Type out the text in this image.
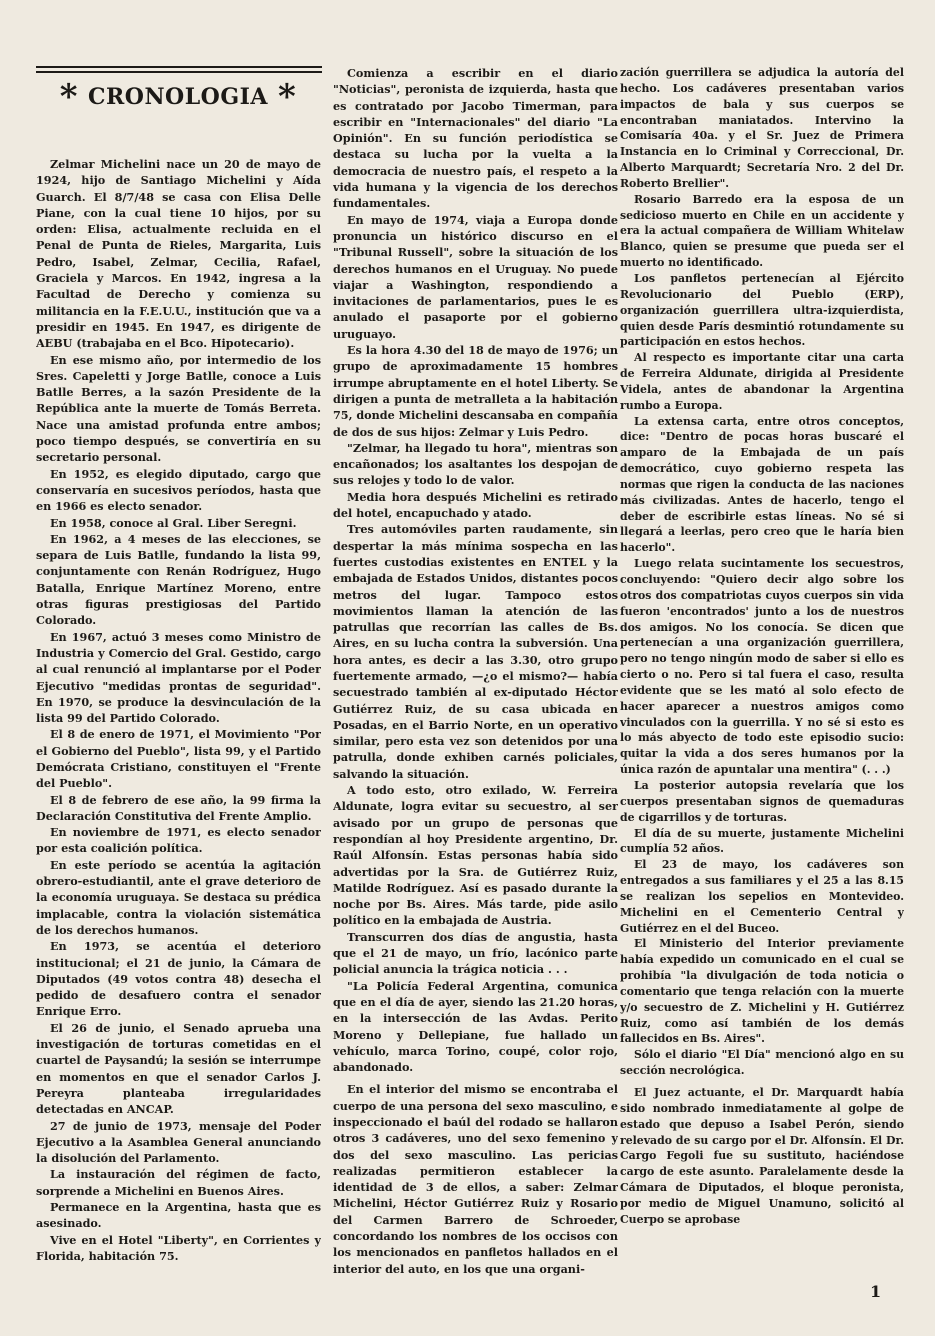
* CRONOLOGIA *

Zelmar Michelini nace un 20 de mayo de 1924, hijo de Santiago Michelini y Aída Guarch. El 8/7/48 se casa con Elisa Delle Piane, con la cual tiene 10 hijos, por su orden: Elisa, actualmente recluida en el Penal de Punta de Rieles, Margarita, Luis Pedro, Isabel, Zelmar, Cecilia, Rafael, Graciela y Marcos. En 1942, ingresa a la Facultad de Derecho y comienza su militancia en la F.E.U.U., institución que va a presidir en 1945. En 1947, es dirigente de AEBU (trabajaba en el Bco. Hipotecario).

En ese mismo año, por intermedio de los Sres. Capeletti y Jorge Batlle, conoce a Luis Batlle Berres, a la sazón Presidente de la República ante la muerte de Tomás Berreta. Nace una amistad profunda entre ambos; poco tiempo después, se convertiría en su secretario personal.

En 1952, es elegido diputado, cargo que conservaría en sucesivos períodos, hasta que en 1966 es electo senador.

En 1958, conoce al Gral. Liber Seregni.

En 1962, a 4 meses de las elecciones, se separa de Luis Batlle, fundando la lista 99, conjuntamente con Renán Rodríguez, Hugo Batalla, Enrique Martínez Moreno, entre otras figuras prestigiosas del Partido Colorado.

En 1967, actuó 3 meses como Ministro de Industria y Comercio del Gral. Gestido, cargo al cual renunció al implantarse por el Poder Ejecutivo "medidas prontas de seguridad". En 1970, se produce la desvinculación de la lista 99 del Partido Colorado.

El 8 de enero de 1971, el Movimiento "Por el Gobierno del Pueblo", lista 99, y el Partido Demócrata Cristiano, constituyen el "Frente del Pueblo".

El 8 de febrero de ese año, la 99 firma la Declaración Constitutiva del Frente Amplio.

En noviembre de 1971, es electo senador por esta coalición política.

En este período se acentúa la agitación obrero-estudiantil, ante el grave deterioro de la economía uruguaya. Se destaca su prédica implacable, contra la violación sistemática de los derechos humanos.

En 1973, se acentúa el deterioro institucional; el 21 de junio, la Cámara de Diputados (49 votos contra 48) desecha el pedido de desafuero contra el senador Enrique Erro.

El 26 de junio, el Senado aprueba una investigación de torturas cometidas en el cuartel de Paysandú; la sesión se interrumpe en momentos en que el senador Carlos J. Pereyra planteaba irregularidades detectadas en ANCAP.

27 de junio de 1973, mensaje del Poder Ejecutivo a la Asamblea General anunciando la disolución del Parlamento.

La instauración del régimen de facto, sorprende a Michelini en Buenos Aires.

Permanece en la Argentina, hasta que es asesinado.

Vive en el Hotel "Liberty", en Corrientes y Florida, habitación 75.

Comienza a escribir en el diario "Noticias", peronista de izquierda, hasta que es contratado por Jacobo Timerman, para escribir en "Internacionales" del diario "La Opinión". En su función periodística se destaca su lucha por la vuelta a la democracia de nuestro país, el respeto a la vida humana y la vigencia de los derechos fundamentales.

En mayo de 1974, viaja a Europa donde pronuncia un histórico discurso en el "Tribunal Russell", sobre la situación de los derechos humanos en el Uruguay. No puede viajar a Washington, respondiendo a invitaciones de parlamentarios, pues le es anulado el pasaporte por el gobierno uruguayo.

Es la hora 4.30 del 18 de mayo de 1976; un grupo de aproximadamente 15 hombres irrumpe abruptamente en el hotel Liberty. Se dirigen a punta de metralleta a la habitación 75, donde Michelini descansaba en compañía de dos de sus hijos: Zelmar y Luis Pedro.

"Zelmar, ha llegado tu hora", mientras son encañonados; los asaltantes los despojan de sus relojes y todo lo de valor.

Media hora después Michelini es retirado del hotel, encapuchado y atado.

Tres automóviles parten raudamente, sin despertar la más mínima sospecha en las fuertes custodias existentes en ENTEL y la embajada de Estados Unidos, distantes pocos metros del lugar. Tampoco estos movimientos llaman la atención de las patrullas que recorrían las calles de Bs. Aires, en su lucha contra la subversión. Una hora antes, es decir a las 3.30, otro grupo fuertemente armado, —¿o el mismo?— había secuestrado también al ex-diputado Héctor Gutiérrez Ruiz, de su casa ubicada en Posadas, en el Barrio Norte, en un operativo similar, pero esta vez son detenidos por una patrulla, donde exhiben carnés policiales, salvando la situación.

A todo esto, otro exilado, W. Ferreira Aldunate, logra evitar su secuestro, al ser avisado por un grupo de personas que respondían al hoy Presidente argentino, Dr. Raúl Alfonsín. Estas personas había sido advertidas por la Sra. de Gutiérrez Ruiz, Matilde Rodríguez. Así es pasado durante la noche por Bs. Aires. Más tarde, pide asilo político en la embajada de Austria.

Transcurren dos días de angustia, hasta que el 21 de mayo, un frío, lacónico parte policial anuncia la trágica noticia . . .

"La Policía Federal Argentina, comunica que en el día de ayer, siendo las 21.20 horas, en la intersección de las Avdas. Perito Moreno y Dellepiane, fue hallado un vehículo, marca Torino, coupé, color rojo, abandonado.

En el interior del mismo se encontraba el cuerpo de una persona del sexo masculino, e inspeccionado el baúl del rodado se hallaron otros 3 cadáveres, uno del sexo femenino y dos del sexo masculino. Las pericias realizadas permitieron establecer la identidad de 3 de ellos, a saber: Zelmar Michelini, Héctor Gutiérrez Ruiz y Rosario del Carmen Barrero de Schroeder, concordando los nombres de los occisos con los mencionados en panfletos hallados en el interior del auto, en los que una organi-

zación guerrillera se adjudica la autoría del hecho. Los cadáveres presentaban varios impactos de bala y sus cuerpos se encontraban maniatados. Intervino la Comisaría 40a. y el Sr. Juez de Primera Instancia en lo Criminal y Correccional, Dr. Alberto Marquardt; Secretaría Nro. 2 del Dr. Roberto Brellier".

Rosario Barredo era la esposa de un sedicioso muerto en Chile en un accidente y era la actual compañera de William Whitelaw Blanco, quien se presume que pueda ser el muerto no identificado.

Los panfletos pertenecían al Ejército Revolucionario del Pueblo (ERP), organización guerrillera ultra-izquierdista, quien desde París desmintió rotundamente su participación en estos hechos.

Al respecto es importante citar una carta de Ferreira Aldunate, dirigida al Presidente Videla, antes de abandonar la Argentina rumbo a Europa.

La extensa carta, entre otros conceptos, dice: "Dentro de pocas horas buscaré el amparo de la Embajada de un país democrático, cuyo gobierno respeta las normas que rigen la conducta de las naciones más civilizadas. Antes de hacerlo, tengo el deber de escribirle estas líneas. No sé si llegará a leerlas, pero creo que le haría bien hacerlo".

Luego relata sucintamente los secuestros, concluyendo: "Quiero decir algo sobre los otros dos compatriotas cuyos cuerpos sin vida fueron 'encontrados' junto a los de nuestros dos amigos. No los conocía. Se dicen que pertenecían a una organización guerrillera, pero no tengo ningún modo de saber si ello es cierto o no. Pero si tal fuera el caso, resulta evidente que se les mató al solo efecto de hacer aparecer a nuestros amigos como vinculados con la guerrilla. Y no sé si esto es lo más abyecto de todo este episodio sucio: quitar la vida a dos seres humanos por la única razón de apuntalar una mentira" (. . .)

La posterior autopsia revelaría que los cuerpos presentaban signos de quemaduras de cigarrillos y de torturas.

El día de su muerte, justamente Michelini cumplía 52 años.

El 23 de mayo, los cadáveres son entregados a sus familiares y el 25 a las 8.15 se realizan los sepelios en Montevideo. Michelini en el Cementerio Central y Gutiérrez en el del Buceo.

El Ministerio del Interior previamente había expedido un comunicado en el cual se prohibía "la divulgación de toda noticia o comentario que tenga relación con la muerte y/o secuestro de Z. Michelini y H. Gutiérrez Ruiz, como así también de los demás fallecidos en Bs. Aires".

Sólo el diario "El Día" mencionó algo en su sección necrológica.

El Juez actuante, el Dr. Marquardt había sido nombrado inmediatamente al golpe de estado que depuso a Isabel Perón, siendo relevado de su cargo por el Dr. Alfonsín. El Dr. Cargo Fegoli fue su sustituto, haciéndose cargo de este asunto. Paralelamente desde la Cámara de Diputados, el bloque peronista, por medio de Miguel Unamuno, solicitó al Cuerpo se aprobase

1
